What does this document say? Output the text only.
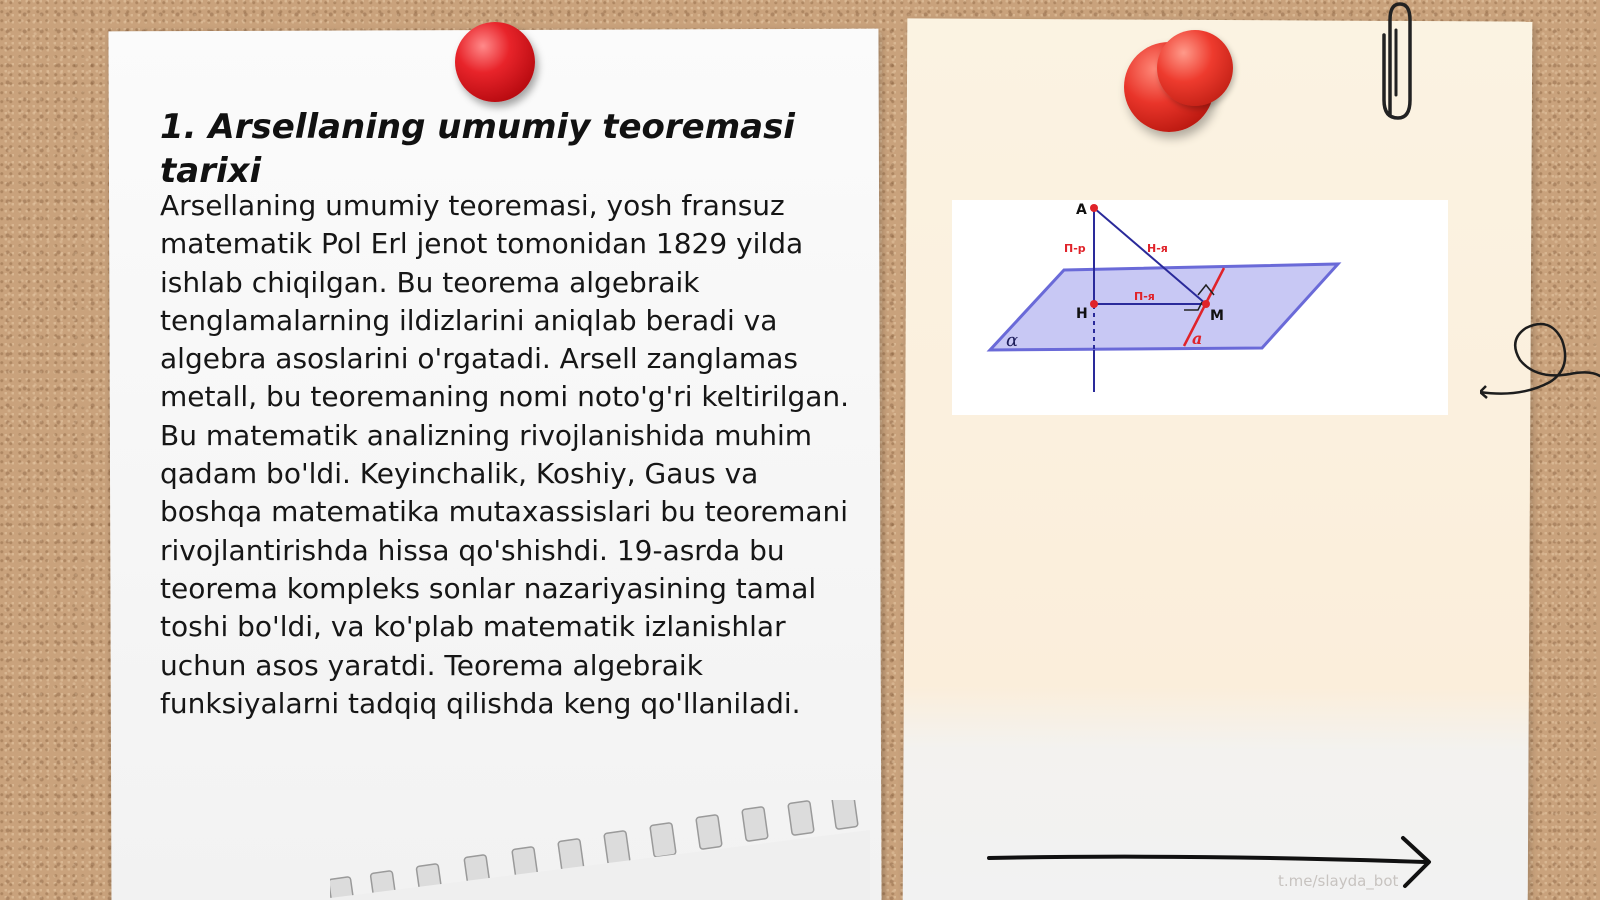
1. Arsellaning umumiy teoremasi tarixi
Arsellaning umumiy teoremasi, yosh fransuz matematik Pol Erl jenot tomonidan 1829 yilda ishlab chiqilgan. Bu teorema algebraik tenglamalarning ildizlarini aniqlab beradi va algebra asoslarini o'rgatadi. Arsell zanglamas metall, bu teoremaning nomi noto'g'ri keltirilgan. Bu matematik analizning rivojlanishida muhim qadam bo'ldi. Keyinchalik, Koshiy, Gaus va boshqa matematika mutaxassislari bu teoremani rivojlantirishda hissa qo'shishdi. 19-asrda bu teorema kompleks sonlar nazariyasining tamal toshi bo'ldi, va ko'plab matematik izlanishlar uchun asos yaratdi. Teorema algebraik funksiyalarni tadqiq qilishda keng qo'llaniladi.
A
H	M
П-р	Н-я
П-я
a
α
t.me/slayda_bot
